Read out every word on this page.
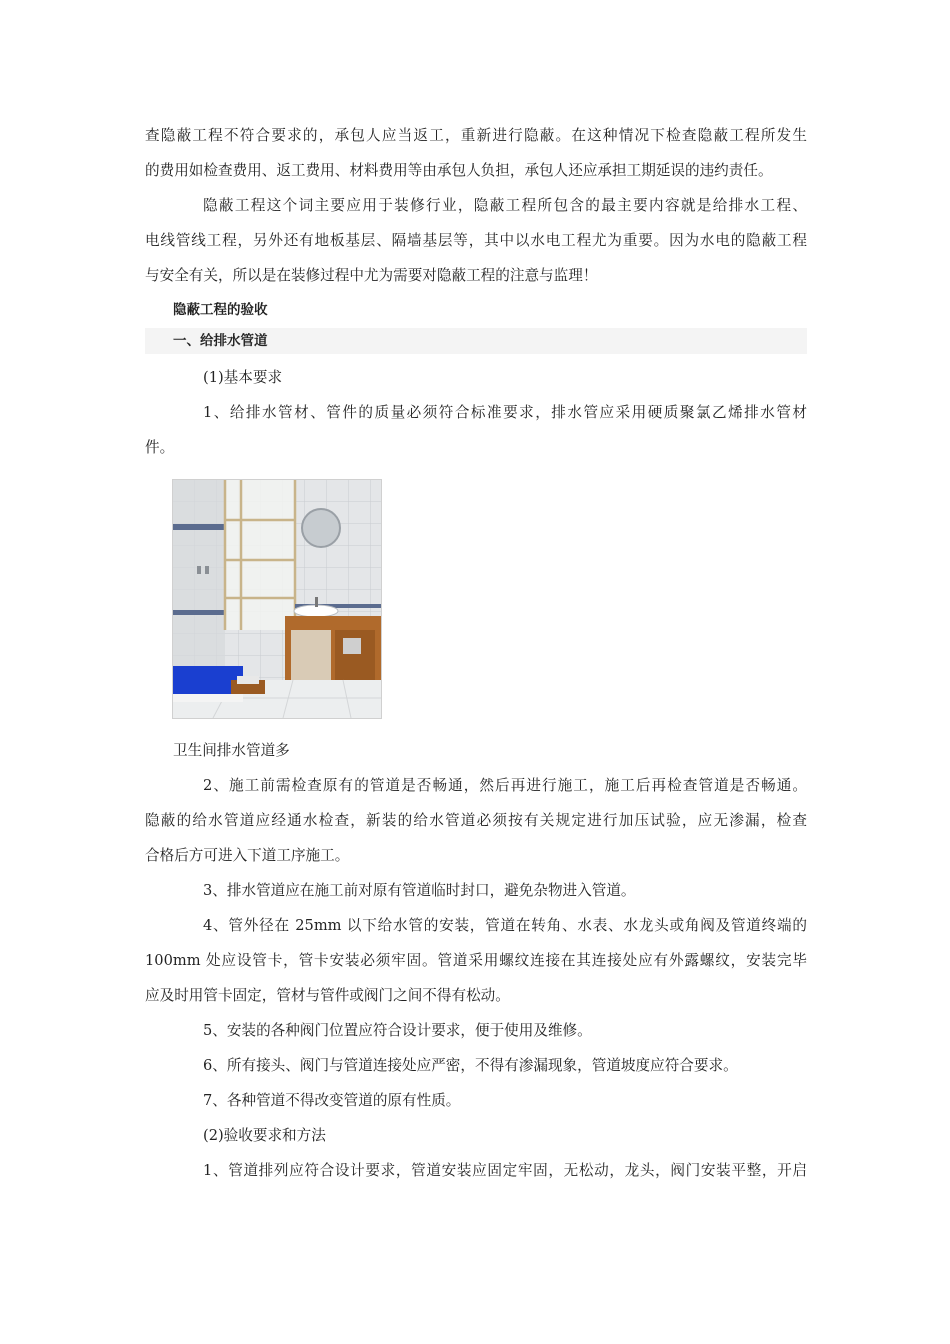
查隐蔽工程不符合要求的，承包人应当返工，重新进行隐蔽。在这种情况下检查隐蔽工程所发生

的费用如检查费用、返工费用、材料费用等由承包人负担，承包人还应承担工期延误的违约责任。

隐蔽工程这个词主要应用于装修行业，隐蔽工程所包含的最主要内容就是给排水工程、

电线管线工程，另外还有地板基层、隔墙基层等，其中以水电工程尤为重要。因为水电的隐蔽工程

与安全有关，所以是在装修过程中尤为需要对隐蔽工程的注意与监理！

隐蔽工程的验收
一、给排水管道

(1)基本要求

1、给排水管材、管件的质量必须符合标准要求，排水管应采用硬质聚氯乙烯排水管材

件。

卫生间排水管道多

2、施工前需检查原有的管道是否畅通，然后再进行施工，施工后再检查管道是否畅通。

隐蔽的给水管道应经通水检查，新装的给水管道必须按有关规定进行加压试验，应无渗漏，检查

合格后方可进入下道工序施工。

3、排水管道应在施工前对原有管道临时封口，避免杂物进入管道。

4、管外径在 25mm 以下给水管的安装，管道在转角、水表、水龙头或角阀及管道终端的

100mm 处应设管卡，管卡安装必须牢固。管道采用螺纹连接在其连接处应有外露螺纹，安装完毕

应及时用管卡固定，管材与管件或阀门之间不得有松动。

5、安装的各种阀门位置应符合设计要求，便于使用及维修。

6、所有接头、阀门与管道连接处应严密，不得有渗漏现象，管道坡度应符合要求。

7、各种管道不得改变管道的原有性质。

(2)验收要求和方法

1、管道排列应符合设计要求，管道安装应固定牢固，无松动，龙头，阀门安装平整，开启
